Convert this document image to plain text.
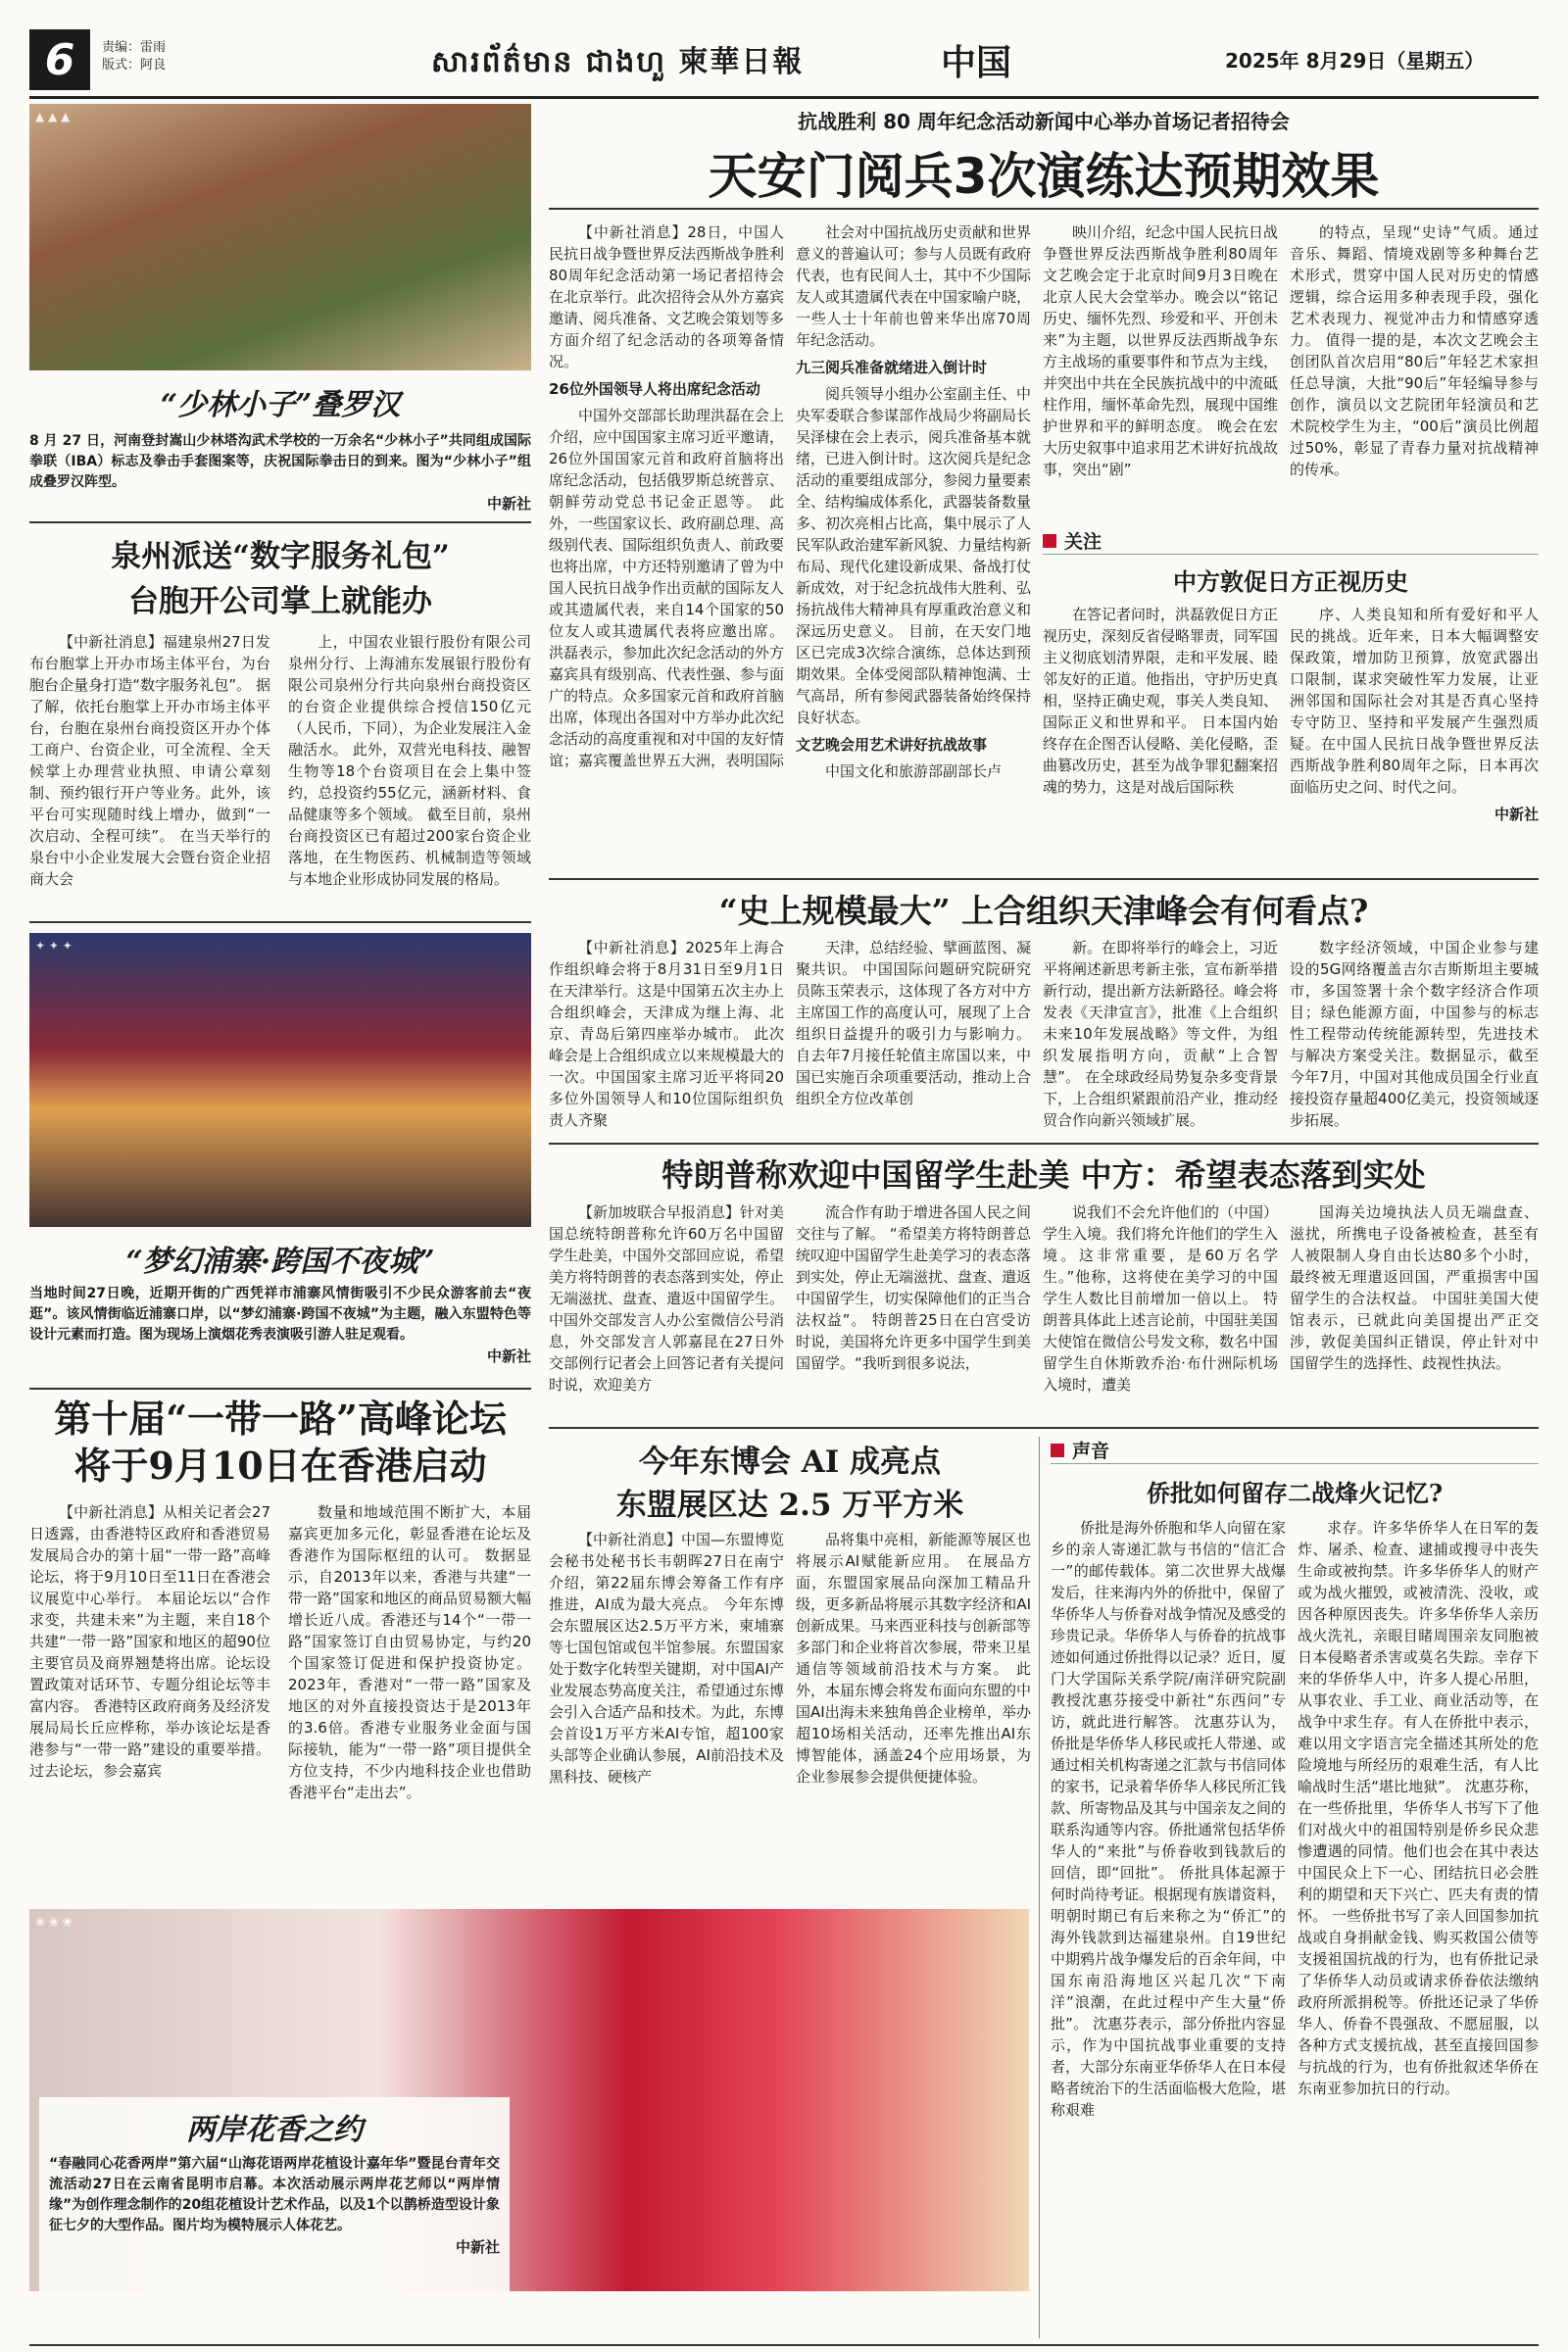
6	责编：雷雨
版式：阿良	សារព័ត៌មាន ជាងហួ 柬華日報	中国	2025年 8月29日（星期五）
▲ ▲ ▲
“少林小子”叠罗汉
8 月 27 日，河南登封嵩山少林塔沟武术学校的一万余名“少林小子”共同组成国际拳联（IBA）标志及拳击手套图案等，庆祝国际拳击日的到来。图为“少林小子”组成叠罗汉阵型。
中新社
泉州派送“数字服务礼包”
台胞开公司掌上就能办

【中新社消息】福建泉州27日发布台胞掌上开办市场主体平台，为台胞台企量身打造“数字服务礼包”。 据了解，依托台胞掌上开办市场主体平台，台胞在泉州台商投资区开办个体工商户、台资企业，可全流程、全天候掌上办理营业执照、申请公章刻制、预约银行开户等业务。此外，该平台可实现随时线上增办，做到“一次启动、全程可续”。 在当天举行的泉台中小企业发展大会暨台资企业招商大会

上，中国农业银行股份有限公司泉州分行、上海浦东发展银行股份有限公司泉州分行共向泉州台商投资区的台资企业提供综合授信150亿元（人民币，下同），为企业发展注入金融活水。 此外，双营光电科技、融智生物等18个台资项目在会上集中签约，总投资约55亿元，涵新材料、食品健康等多个领域。 截至目前，泉州台商投资区已有超过200家台资企业落地，在生物医药、机械制造等领域与本地企业形成协同发展的格局。

✦ ✦ ✦
“梦幻浦寨·跨国不夜城”
当地时间27日晚，近期开街的广西凭祥市浦寨风情街吸引不少民众游客前去“夜逛”。该风情街临近浦寨口岸，以“梦幻浦寨·跨国不夜城”为主题，融入东盟特色等设计元素而打造。图为现场上演烟花秀表演吸引游人驻足观看。
中新社
第十届“一带一路”高峰论坛
将于9月10日在香港启动

【中新社消息】从相关记者会27日透露，由香港特区政府和香港贸易发展局合办的第十届“一带一路”高峰论坛，将于9月10日至11日在香港会议展览中心举行。 本届论坛以“合作求变，共建未来”为主题，来自18个共建“一带一路”国家和地区的超90位主要官员及商界翘楚将出席。论坛设置政策对话环节、专题分组论坛等丰富内容。 香港特区政府商务及经济发展局局长丘应桦称，举办该论坛是香港参与“一带一路”建设的重要举措。过去论坛，参会嘉宾

数量和地域范围不断扩大，本届嘉宾更加多元化，彰显香港在论坛及香港作为国际枢纽的认可。 数据显示，自2013年以来，香港与共建“一带一路”国家和地区的商品贸易额大幅增长近八成。香港还与14个“一带一路”国家签订自由贸易协定，与约20个国家签订促进和保护投资协定。2023年，香港对“一带一路”国家及地区的对外直接投资达于是2013年的3.6倍。香港专业服务业金面与国际接轨，能为“一带一路”项目提供全方位支持，不少内地科技企业也借助香港平台“走出去”。

❀ ❀ ❀
两岸花香之约
“春融同心花香两岸”第六届“山海花语两岸花植设计嘉年华”暨昆台青年交流活动27日在云南省昆明市启幕。本次活动展示两岸花艺师以“两岸情缘”为创作理念制作的20组花植设计艺术作品，以及1个以鹊桥造型设计象征七夕的大型作品。图片均为模特展示人体花艺。
中新社
抗战胜利 80 周年纪念活动新闻中心举办首场记者招待会
天安门阅兵3次演练达预期效果

【中新社消息】28日，中国人民抗日战争暨世界反法西斯战争胜利80周年纪念活动第一场记者招待会在北京举行。此次招待会从外方嘉宾邀请、阅兵准备、文艺晚会策划等多方面介绍了纪念活动的各项筹备情况。

26位外国领导人将出席纪念活动

中国外交部部长助理洪磊在会上介绍，应中国国家主席习近平邀请，26位外国国家元首和政府首脑将出席纪念活动，包括俄罗斯总统普京、朝鲜劳动党总书记金正恩等。 此外，一些国家议长、政府副总理、高级别代表、国际组织负责人、前政要也将出席，中方还特别邀请了曾为中国人民抗日战争作出贡献的国际友人或其遗属代表，来自14个国家的50位友人或其遗属代表将应邀出席。 洪磊表示，参加此次纪念活动的外方嘉宾具有级别高、代表性强、参与面广的特点。众多国家元首和政府首脑出席，体现出各国对中方举办此次纪念活动的高度重视和对中国的友好情谊；嘉宾覆盖世界五大洲，表明国际

社会对中国抗战历史贡献和世界意义的普遍认可；参与人员既有政府代表，也有民间人士，其中不少国际友人或其遗属代表在中国家喻户晓，一些人士十年前也曾来华出席70周年纪念活动。

九三阅兵准备就绪进入倒计时

阅兵领导小组办公室副主任、中央军委联合参谋部作战局少将副局长吴泽棣在会上表示，阅兵准备基本就绪，已进入倒计时。这次阅兵是纪念活动的重要组成部分，参阅力量要素全、结构编成体系化，武器装备数量多、初次亮相占比高，集中展示了人民军队政治建军新风貌、力量结构新布局、现代化建设新成果、备战打仗新成效，对于纪念抗战伟大胜利、弘扬抗战伟大精神具有厚重政治意义和深远历史意义。 目前，在天安门地区已完成3次综合演练，总体达到预期效果。全体受阅部队精神饱满、士气高昂，所有参阅武器装备始终保持良好状态。

文艺晚会用艺术讲好抗战故事

中国文化和旅游部副部长卢

映川介绍，纪念中国人民抗日战争暨世界反法西斯战争胜利80周年文艺晚会定于北京时间9月3日晚在北京人民大会堂举办。晚会以“铭记历史、缅怀先烈、珍爱和平、开创未来”为主题，以世界反法西斯战争东方主战场的重要事件和节点为主线，并突出中共在全民族抗战中的中流砥柱作用，缅怀革命先烈，展现中国维护世界和平的鲜明态度。 晚会在宏大历史叙事中追求用艺术讲好抗战故事，突出“剧”

的特点，呈现“史诗”气质。通过音乐、舞蹈、情境戏剧等多种舞台艺术形式，贯穿中国人民对历史的情感逻辑，综合运用多种表现手段，强化艺术表现力、视觉冲击力和情感穿透力。 值得一提的是，本次文艺晚会主创团队首次启用“80后”年轻艺术家担任总导演，大批“90后”年轻编导参与创作，演员以文艺院团年轻演员和艺术院校学生为主，“00后”演员比例超过50%，彰显了青春力量对抗战精神的传承。

关注
中方敦促日方正视历史

在答记者问时，洪磊敦促日方正视历史，深刻反省侵略罪责，同军国主义彻底划清界限，走和平发展、睦邻友好的正道。他指出，守护历史真相，坚持正确史观，事关人类良知、国际正义和世界和平。 日本国内始终存在企图否认侵略、美化侵略，歪曲篡改历史，甚至为战争罪犯翻案招魂的势力，这是对战后国际秩

序、人类良知和所有爱好和平人民的挑战。近年来，日本大幅调整安保政策，增加防卫预算，放宽武器出口限制，谋求突破性军力发展，让亚洲邻国和国际社会对其是否真心坚持专守防卫、坚持和平发展产生强烈质疑。在中国人民抗日战争暨世界反法西斯战争胜利80周年之际，日本再次面临历史之问、时代之问。

中新社
“史上规模最大” 上合组织天津峰会有何看点?

【中新社消息】2025年上海合作组织峰会将于8月31日至9月1日在天津举行。这是中国第五次主办上合组织峰会，天津成为继上海、北京、青岛后第四座举办城市。 此次峰会是上合组织成立以来规模最大的一次。中国国家主席习近平将同20多位外国领导人和10位国际组织负责人齐聚

天津，总结经验、擘画蓝图、凝聚共识。 中国国际问题研究院研究员陈玉荣表示，这体现了各方对中方主席国工作的高度认可，展现了上合组织日益提升的吸引力与影响力。 自去年7月接任轮值主席国以来，中国已实施百余项重要活动，推动上合组织全方位改革创

新。在即将举行的峰会上，习近平将阐述新思考新主张，宣布新举措新行动，提出新方法新路径。峰会将发表《天津宣言》，批准《上合组织未来10年发展战略》等文件，为组织发展指明方向，贡献“上合智慧”。 在全球政经局势复杂多变背景下，上合组织紧跟前沿产业，推动经贸合作向新兴领域扩展。

数字经济领域，中国企业参与建设的5G网络覆盖吉尔吉斯斯坦主要城市，多国签署十余个数字经济合作项目；绿色能源方面，中国参与的标志性工程带动传统能源转型，先进技术与解决方案受关注。数据显示，截至今年7月，中国对其他成员国全行业直接投资存量超400亿美元，投资领域逐步拓展。

特朗普称欢迎中国留学生赴美 中方：希望表态落到实处

【新加坡联合早报消息】针对美国总统特朗普称允许60万名中国留学生赴美，中国外交部回应说，希望美方将特朗普的表态落到实处，停止无端滋扰、盘查、遣返中国留学生。 中国外交部发言人办公室微信公号消息，外交部发言人郭嘉昆在27日外交部例行记者会上回答记者有关提问时说，欢迎美方

流合作有助于增进各国人民之间交往与了解。 “希望美方将特朗普总统叹迎中国留学生赴美学习的表态落到实处，停止无端滋扰、盘查、遣返中国留学生，切实保障他们的正当合法权益”。 特朗普25日在白宫受访时说，美国将允许更多中国学生到美国留学。“我听到很多说法，

说我们不会允许他们的（中国）学生入境。我们将允许他们的学生入境。这非常重要，是60万名学生。”他称，这将使在美学习的中国学生人数比目前增加一倍以上。 特朗普具体此上述言论前，中国驻美国大使馆在微信公号发文称，数名中国留学生自休斯敦乔治·布什洲际机场入境时，遭美

国海关边境执法人员无端盘查、滋扰，所携电子设备被检查，甚至有人被限制人身自由长达80多个小时，最终被无理遣返回国，严重损害中国留学生的合法权益。 中国驻美国大使馆表示，已就此向美国提出严正交涉，敦促美国纠正错误，停止针对中国留学生的选择性、歧视性执法。

今年东博会 AI 成亮点
东盟展区达 2.5 万平方米

【中新社消息】中国—东盟博览会秘书处秘书长韦朝晖27日在南宁介绍，第22届东博会筹备工作有序推进，AI成为最大亮点。 今年东博会东盟展区达2.5万平方米，柬埔寨等七国包馆或包半馆参展。东盟国家处于数字化转型关键期，对中国AI产业发展态势高度关注，希望通过东博会引入合适产品和技术。为此，东博会首设1万平方米AI专馆，超100家头部等企业确认参展，AI前沿技术及黑科技、硬核产

品将集中亮相，新能源等展区也将展示AI赋能新应用。 在展品方面，东盟国家展品向深加工精品升级，更多新品将展示其数字经济和AI创新成果。马来西亚科技与创新部等多部门和企业将首次参展，带来卫星通信等领域前沿技术与方案。 此外，本届东博会将发布面向东盟的中国AI出海未来独角兽企业榜单，举办超10场相关活动，还率先推出AI东博智能体，涵盖24个应用场景，为企业参展参会提供便捷体验。

声音
侨批如何留存二战烽火记忆?

侨批是海外侨胞和华人向留在家乡的亲人寄递汇款与书信的“信汇合一”的邮传载体。第二次世界大战爆发后，往来海内外的侨批中，保留了华侨华人与侨眷对战争情况及感受的珍贵记录。华侨华人与侨眷的抗战事迹如何通过侨批得以记录？近日，厦门大学国际关系学院/南洋研究院副教授沈惠芬接受中新社“东西问”专访，就此进行解答。 沈惠芬认为，侨批是华侨华人移民或托人带递、或通过相关机构寄递之汇款与书信同体的家书，记录着华侨华人移民所汇钱款、所寄物品及其与中国亲友之间的联系沟通等内容。侨批通常包括华侨华人的“来批”与侨眷收到钱款后的回信，即“回批”。 侨批具体起源于何时尚待考证。根据现有族谱资料，明朝时期已有后来称之为“侨汇”的海外钱款到达福建泉州。自19世纪中期鸦片战争爆发后的百余年间，中国东南沿海地区兴起几次“下南洋”浪潮，在此过程中产生大量“侨批”。 沈惠芬表示，部分侨批内容显示，作为中国抗战事业重要的支持者，大部分东南亚华侨华人在日本侵略者统治下的生活面临极大危险，堪称艰难

求存。许多华侨华人在日军的轰炸、屠杀、检查、逮捕或搜寻中丧失生命或被拘禁。许多华侨华人的财产或为战火摧毁，或被清洗、没收，或因各种原因丧失。许多华侨华人亲历战火洗礼，亲眼目睹周围亲友同胞被日本侵略者杀害或莫名失踪。幸存下来的华侨华人中，许多人提心吊胆，从事农业、手工业、商业活动等，在战争中求生存。有人在侨批中表示，难以用文字语言完全描述其所处的危险境地与所经历的艰难生活，有人比喻战时生活“堪比地狱”。 沈惠芬称，在一些侨批里，华侨华人书写下了他们对战火中的祖国特别是侨乡民众悲惨遭遇的同情。他们也会在其中表达中国民众上下一心、团结抗日必会胜利的期望和天下兴亡、匹夫有责的情怀。 一些侨批书写了亲人回国参加抗战或自身捐献金钱、购买救国公债等支援祖国抗战的行为，也有侨批记录了华侨华人动员或请求侨眷依法缴纳政府所派捐税等。侨批还记录了华侨华人、侨眷不畏强敌、不愿屈服，以各种方式支援抗战，甚至直接回国参与抗战的行为，也有侨批叙述华侨在东南亚参加抗日的行动。
